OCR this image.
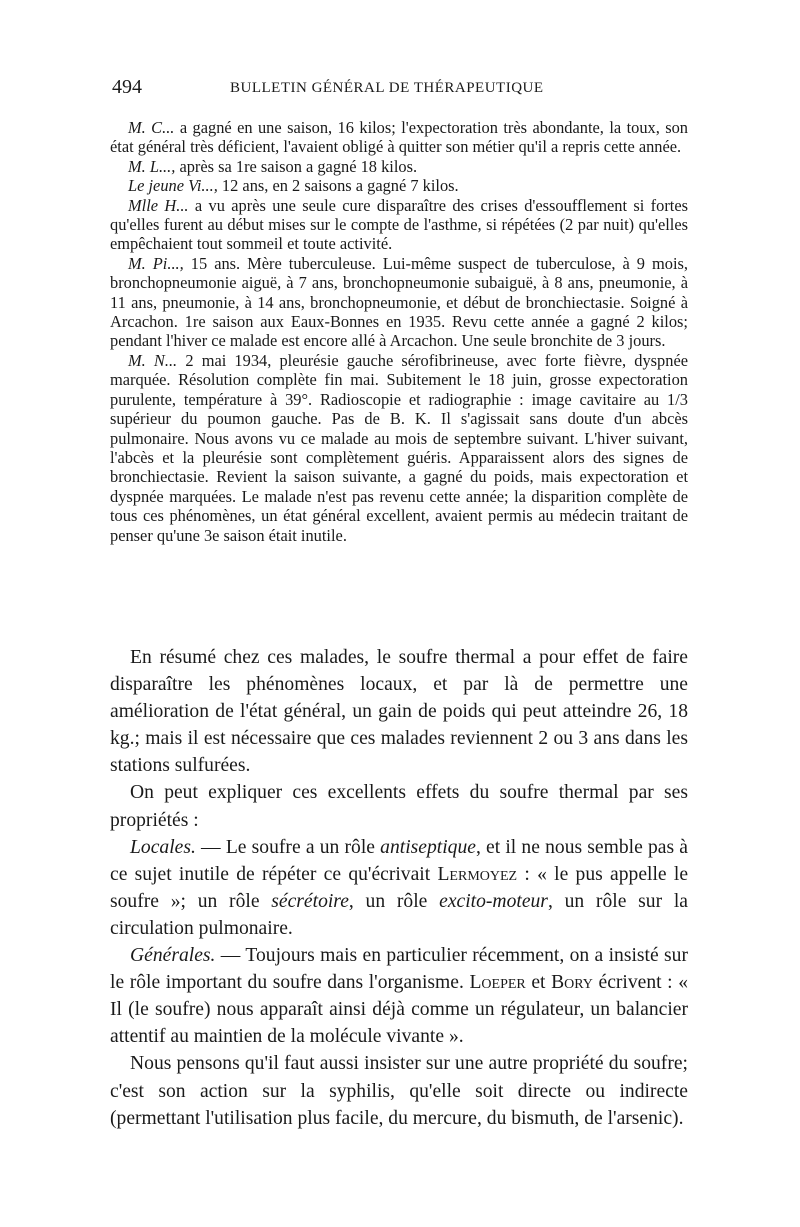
494	BULLETIN GÉNÉRAL DE THÉRAPEUTIQUE

M. C... a gagné en une saison, 16 kilos; l'expectoration très abondante, la toux, son état général très déficient, l'avaient obligé à quitter son métier qu'il a repris cette année.

M. L..., après sa 1re saison a gagné 18 kilos.

Le jeune Vi..., 12 ans, en 2 saisons a gagné 7 kilos.

Mlle H... a vu après une seule cure disparaître des crises d'essoufflement si fortes qu'elles furent au début mises sur le compte de l'asthme, si répétées (2 par nuit) qu'elles empêchaient tout sommeil et toute activité.

M. Pi..., 15 ans. Mère tuberculeuse. Lui-même suspect de tuberculose, à 9 mois, bronchopneumonie aiguë, à 7 ans, bronchopneumonie subaiguë, à 8 ans, pneumonie, à 11 ans, pneumonie, à 14 ans, bronchopneumonie, et début de bronchiectasie. Soigné à Arcachon. 1re saison aux Eaux-Bonnes en 1935. Revu cette année a gagné 2 kilos; pendant l'hiver ce malade est encore allé à Arcachon. Une seule bronchite de 3 jours.

M. N... 2 mai 1934, pleurésie gauche sérofibrineuse, avec forte fièvre, dyspnée marquée. Résolution complète fin mai. Subitement le 18 juin, grosse expectoration purulente, température à 39°. Radioscopie et radiographie : image cavitaire au 1/3 supérieur du poumon gauche. Pas de B. K. Il s'agissait sans doute d'un abcès pulmonaire. Nous avons vu ce malade au mois de septembre suivant. L'hiver suivant, l'abcès et la pleurésie sont complètement guéris. Apparaissent alors des signes de bronchiectasie. Revient la saison suivante, a gagné du poids, mais expectoration et dyspnée marquées. Le malade n'est pas revenu cette année; la disparition complète de tous ces phénomènes, un état général excellent, avaient permis au médecin traitant de penser qu'une 3e saison était inutile.

En résumé chez ces malades, le soufre thermal a pour effet de faire disparaître les phénomènes locaux, et par là de permettre une amélioration de l'état général, un gain de poids qui peut atteindre 26, 18 kg.; mais il est nécessaire que ces malades reviennent 2 ou 3 ans dans les stations sulfurées.

On peut expliquer ces excellents effets du soufre thermal par ses propriétés :

Locales. — Le soufre a un rôle antiseptique, et il ne nous semble pas à ce sujet inutile de répéter ce qu'écrivait Lermoyez : « le pus appelle le soufre »; un rôle sécrétoire, un rôle excito-moteur, un rôle sur la circulation pulmonaire.

Générales. — Toujours mais en particulier récemment, on a insisté sur le rôle important du soufre dans l'organisme. Loeper et Bory écrivent : « Il (le soufre) nous apparaît ainsi déjà comme un régulateur, un balancier attentif au maintien de la molécule vivante ».

Nous pensons qu'il faut aussi insister sur une autre propriété du soufre; c'est son action sur la syphilis, qu'elle soit directe ou indirecte (permettant l'utilisation plus facile, du mercure, du bismuth, de l'arsenic).
